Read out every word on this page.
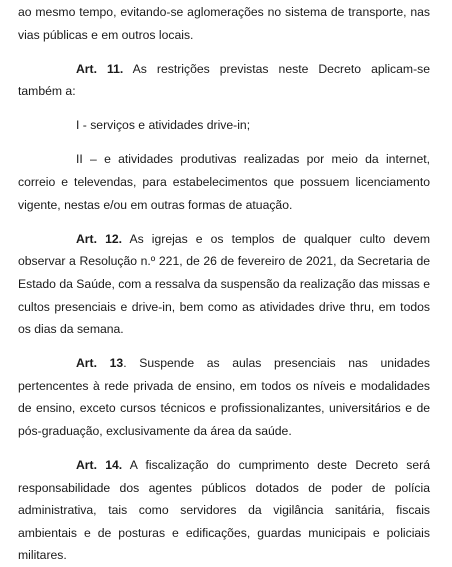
ao mesmo tempo, evitando-se aglomerações no sistema de transporte, nas vias públicas e em outros locais.

Art. 11. As restrições previstas neste Decreto aplicam-se também a:

I - serviços e atividades drive-in;

II – e atividades produtivas realizadas por meio da internet, correio e televendas, para estabelecimentos que possuem licenciamento vigente, nestas e/ou em outras formas de atuação.

Art. 12. As igrejas e os templos de qualquer culto devem observar a Resolução n.º 221, de 26 de fevereiro de 2021, da Secretaria de Estado da Saúde, com a ressalva da suspensão da realização das missas e cultos presenciais e drive-in, bem como as atividades drive thru, em todos os dias da semana.

Art. 13. Suspende as aulas presenciais nas unidades pertencentes à rede privada de ensino, em todos os níveis e modalidades de ensino, exceto cursos técnicos e profissionalizantes, universitários e de pós-graduação, exclusivamente da área da saúde.

Art. 14. A fiscalização do cumprimento deste Decreto será responsabilidade dos agentes públicos dotados de poder de polícia administrativa, tais como servidores da vigilância sanitária, fiscais ambientais e de posturas e edificações, guardas municipais e policiais militares.
